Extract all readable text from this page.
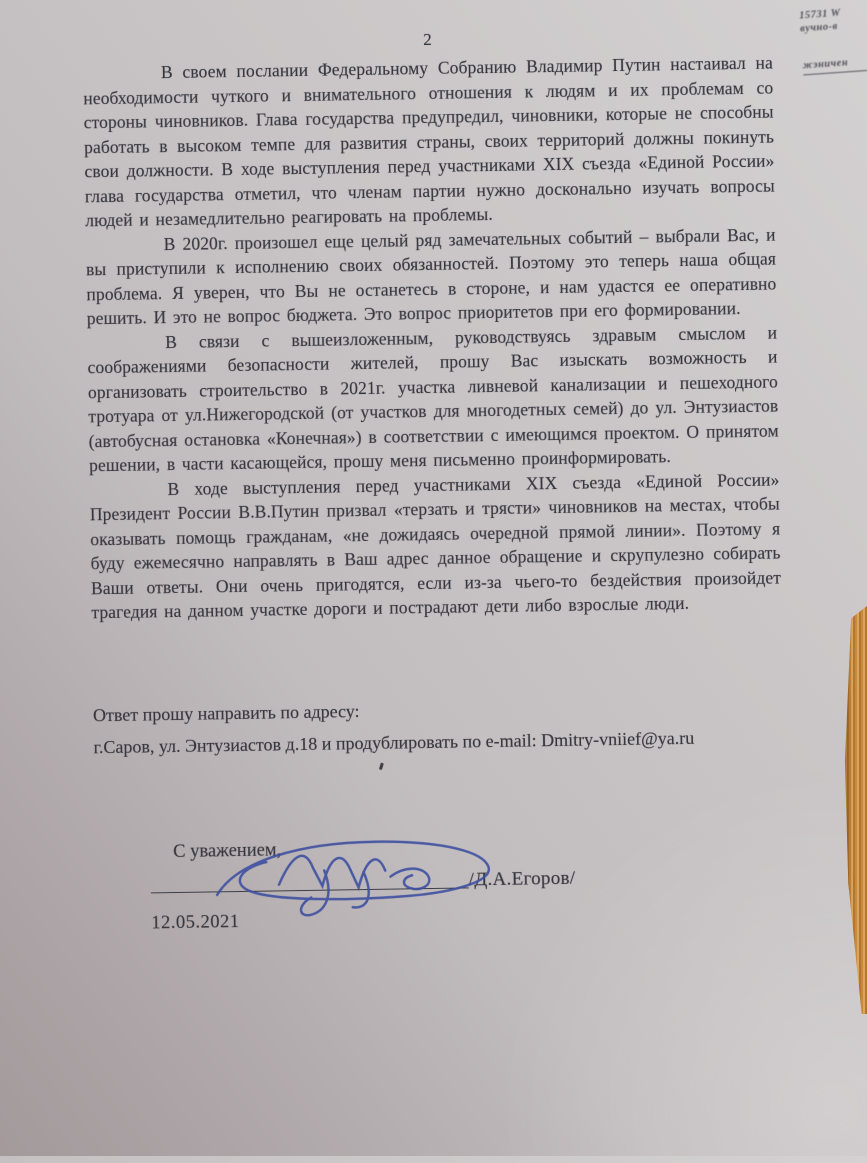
15731 W
вучно-в
жэничен
2

В своем послании Федеральному Собранию Владимир Путин настаивал на необходимости чуткого и внимательного отношения к людям и их проблемам со стороны чиновников. Глава государства предупредил, чиновники, которые не способны работать в высоком темпе для развития страны, своих территорий должны покинуть свои должности. В ходе выступления перед участниками XIX съезда «Единой России» глава государства отметил, что членам партии нужно досконально изучать вопросы людей и незамедлительно реагировать на проблемы.

В 2020г. произошел еще целый ряд замечательных событий – выбрали Вас, и вы приступили к исполнению своих обязанностей. Поэтому это теперь наша общая проблема. Я уверен, что Вы не останетесь в стороне, и нам удастся ее оперативно решить. И это не вопрос бюджета. Это вопрос приоритетов при его формировании.

В связи с вышеизложенным, руководствуясь здравым смыслом и соображениями безопасности жителей, прошу Вас изыскать возможность и организовать строительство в 2021г. участка ливневой канализации и пешеходного тротуара от ул.Нижегородской (от участков для многодетных семей) до ул. Энтузиастов (автобусная остановка «Конечная») в соответствии с имеющимся проектом. О принятом решении, в части касающейся, прошу меня письменно проинформировать.

В ходе выступления перед участниками XIX съезда «Единой России» Президент России В.В.Путин призвал «терзать и трясти» чиновников на местах, чтобы оказывать помощь гражданам, «не дожидаясь очередной прямой линии». Поэтому я буду ежемесячно направлять в Ваш адрес данное обращение и скрупулезно собирать Ваши ответы. Они очень пригодятся, если из-за чьего-то бездействия произойдет трагедия на данном участке дороги и пострадают дети либо взрослые люди.

Ответ прошу направить по адресу:
г.Саров, ул. Энтузиастов д.18 и продублировать по e-mail: Dmitry-vniief@ya.ru
С уважением,
/Д.А.Егоров/
12.05.2021
